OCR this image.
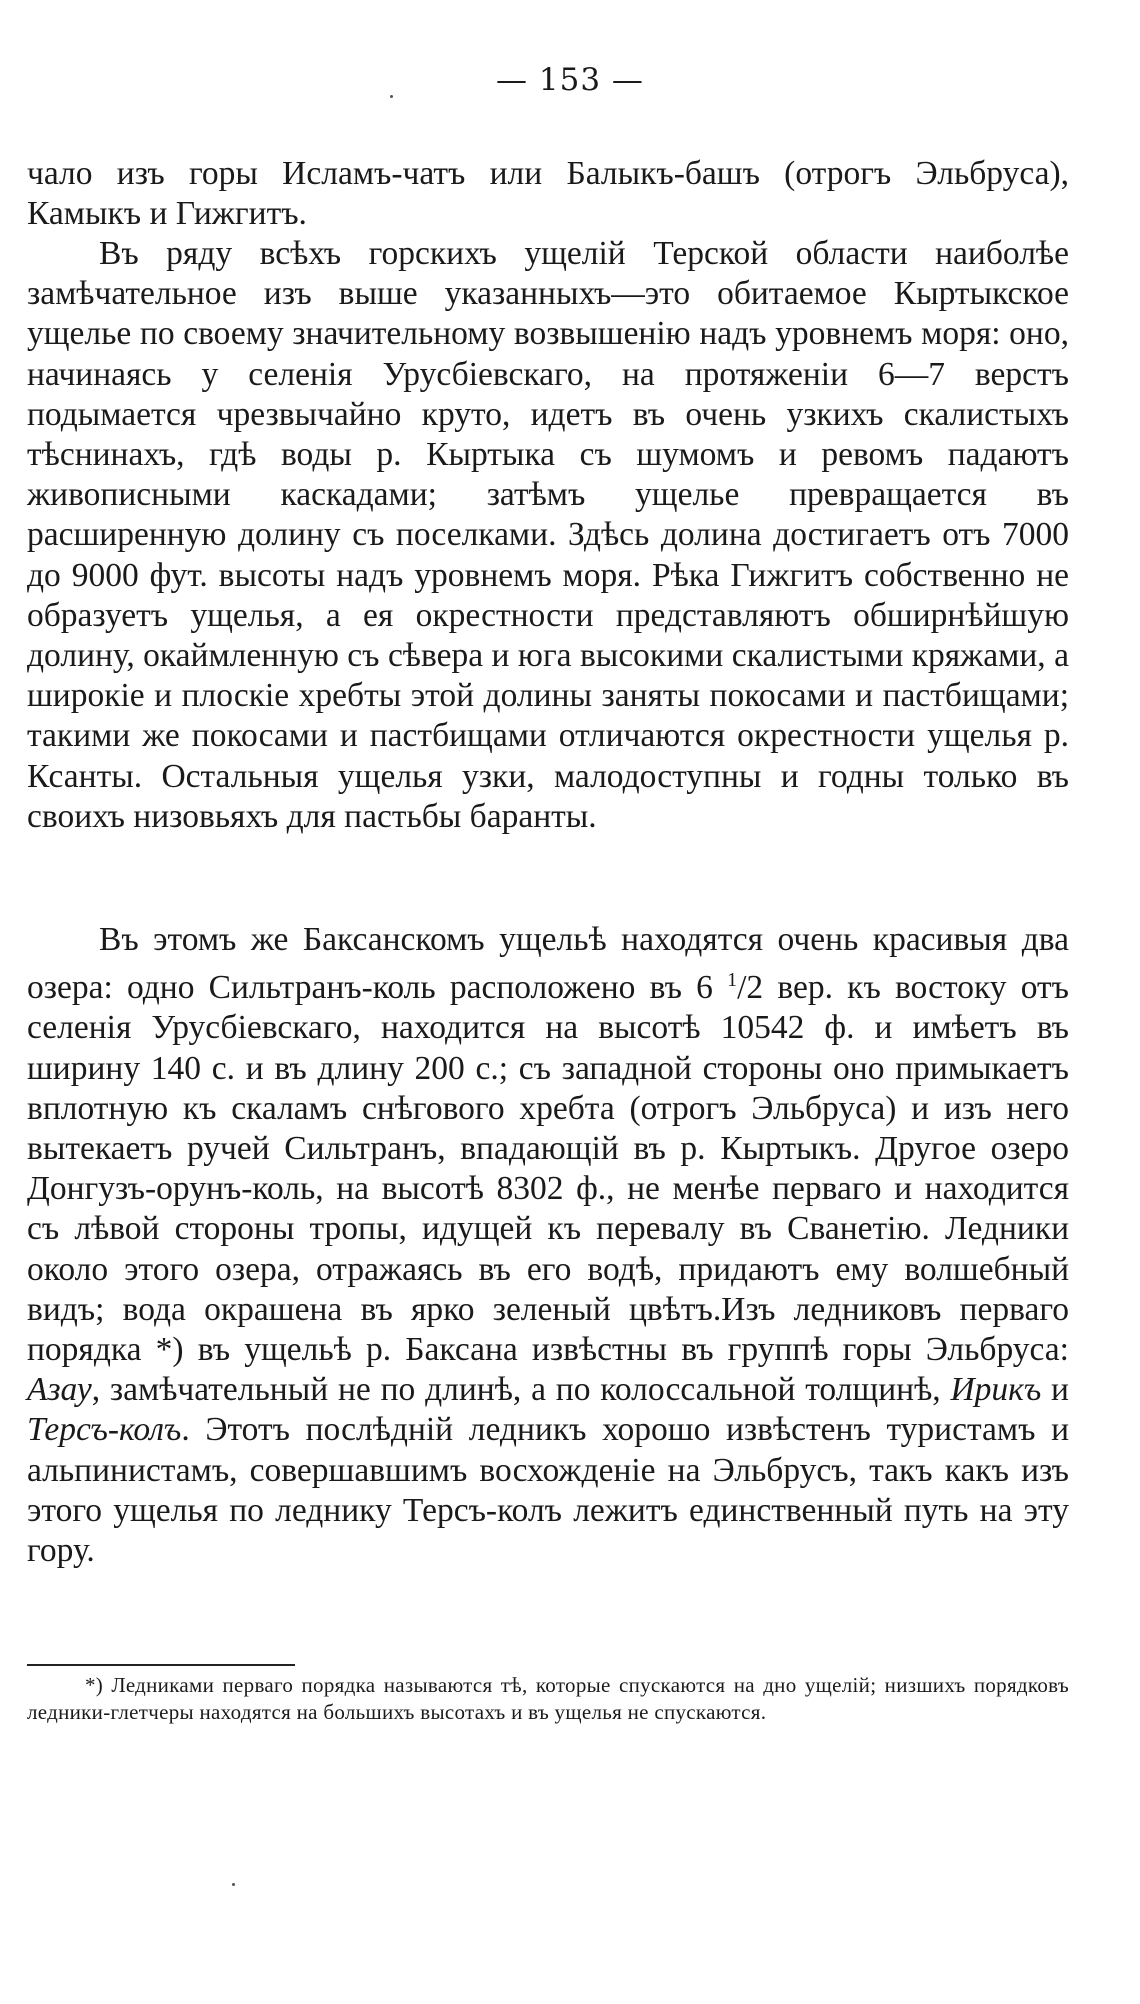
— 153 —

чало изъ горы Исламъ-чатъ или Балыкъ-башъ (отрогъ Эльбруса), Камыкъ и Гижгитъ.

Въ ряду всѣхъ горскихъ ущелій Терской области наиболѣе замѣчательное изъ выше указанныхъ—это обитаемое Кыртыкское ущелье по своему значительному возвышенію надъ уровнемъ моря: оно, начинаясь у селенія Урусбіевскаго, на протяженіи 6—7 верстъ подымается чрезвычайно круто, идетъ въ очень узкихъ скалистыхъ тѣснинахъ, гдѣ воды р. Кыртыка съ шумомъ и ревомъ падаютъ живописными каскадами; затѣмъ ущелье превращается въ расширенную долину съ поселками. Здѣсь долина достигаетъ отъ 7000 до 9000 фут. высоты надъ уровнемъ моря. Рѣка Гижгитъ собственно не образуетъ ущелья, а ея окрестности представляютъ обширнѣйшую долину, окаймленную съ сѣвера и юга высокими скалистыми кряжами, а широкіе и плоскіе хребты этой долины заняты покосами и пастбищами; такими же покосами и пастбищами отличаются окрестности ущелья р. Ксанты. Остальныя ущелья узки, малодоступны и годны только въ своихъ низовьяхъ для пастьбы баранты.

Въ этомъ же Баксанскомъ ущельѣ находятся очень красивыя два озера: одно Сильтранъ-коль расположено въ 6 $^1$/2 вер. къ востоку отъ селенія Урусбіевскаго, находится на высотѣ 10542 ф. и имѣетъ въ ширину 140 с. и въ длину 200 с.; съ западной стороны оно примыкаетъ вплотную къ скаламъ снѣгового хребта (отрогъ Эльбруса) и изъ него вытекаетъ ручей Сильтранъ, впадающій въ р. Кыртыкъ. Другое озеро Донгузъ-орунъ-коль, на высотѣ 8302 ф., не менѣе перваго и находится съ лѣвой стороны тропы, идущей къ перевалу въ Сванетію. Ледники около этого озера, отражаясь въ его водѣ, придаютъ ему волшебный видъ; вода окрашена въ ярко зеленый цвѣтъ.Изъ ледниковъ перваго порядка *) въ ущельѣ р. Баксана извѣстны въ группѣ горы Эльбруса: Азау, замѣчательный не по длинѣ, а по колоссальной толщинѣ, Ирикъ и Терсъ-колъ. Этотъ послѣдній ледникъ хорошо извѣстенъ туристамъ и альпинистамъ, совершавшимъ восхожденіе на Эльбрусъ, такъ какъ изъ этого ущелья по леднику Терсъ-колъ лежитъ единственный путь на эту гору.

*) Ледниками перваго порядка называются тѣ, которые спускаются на дно ущелій; низшихъ порядковъ ледники-глетчеры находятся на большихъ высотахъ и въ ущелья не спускаются.
